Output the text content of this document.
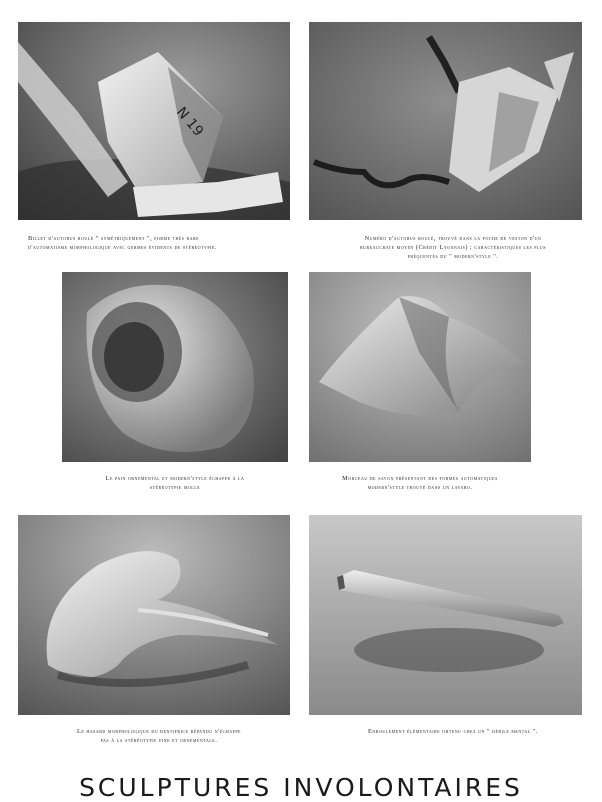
N 19
Billet d'autobus roulé " symétriquement ", forme très rare
d'automatisme morphologique avec germes évidents de stéréotypie.
Numéro d'autobus roulé, trouvé dans la poche de veston d'un
bureaucrate moyen (Crédit Lyonnais) ; caractéristiques les plus
fréquentes du " modern'style ".
Le pain ornemental et modern'style échappe à la
stéréotypie molle
Morceau de savon présentant des formes automatiques
modern'style trouvé dans un lavabo.
Le hasard morphologique du dentifrice répandu n'échappe
pas à la stéréotypie fine et ornementale.
Enroulement élémentaire obtenu chez un " débile mental ".
SCULPTURES INVOLONTAIRES
